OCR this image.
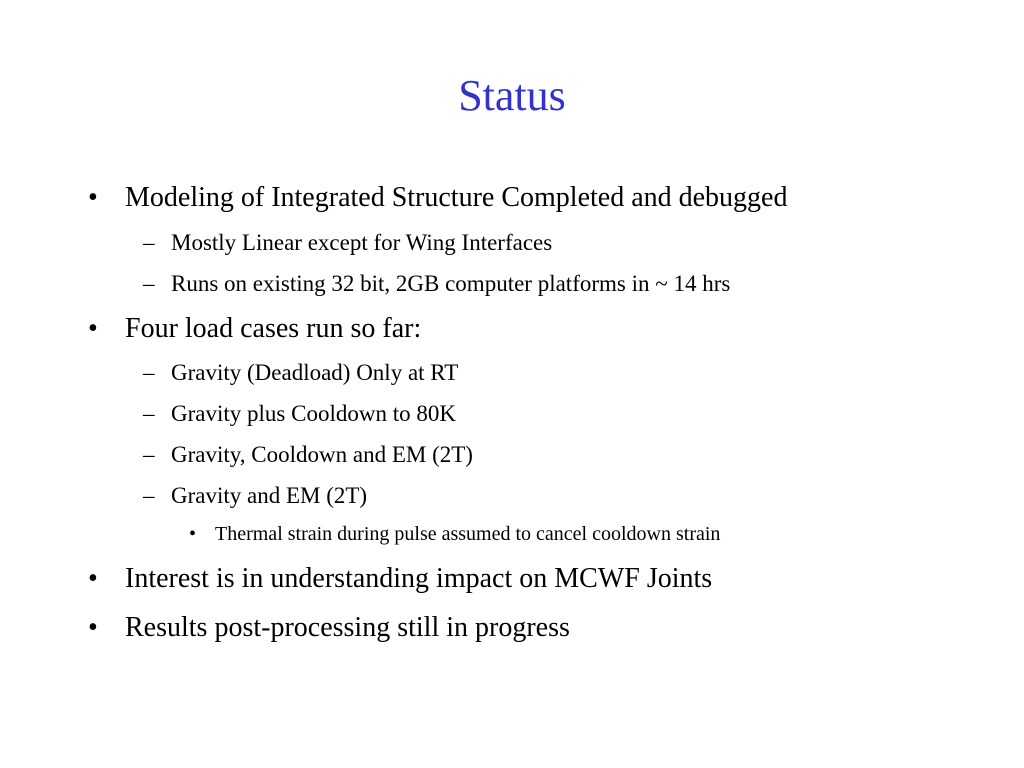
Status
• Modeling of Integrated Structure Completed and debugged
– Mostly Linear except for Wing Interfaces
– Runs on existing 32 bit, 2GB computer platforms in ~ 14 hrs
• Four load cases run so far:
– Gravity (Deadload) Only at RT
– Gravity plus Cooldown to 80K
– Gravity, Cooldown and EM (2T)
– Gravity and EM (2T)
• Thermal strain during pulse assumed to cancel cooldown strain
• Interest is in understanding impact on MCWF Joints
• Results post-processing still in progress
